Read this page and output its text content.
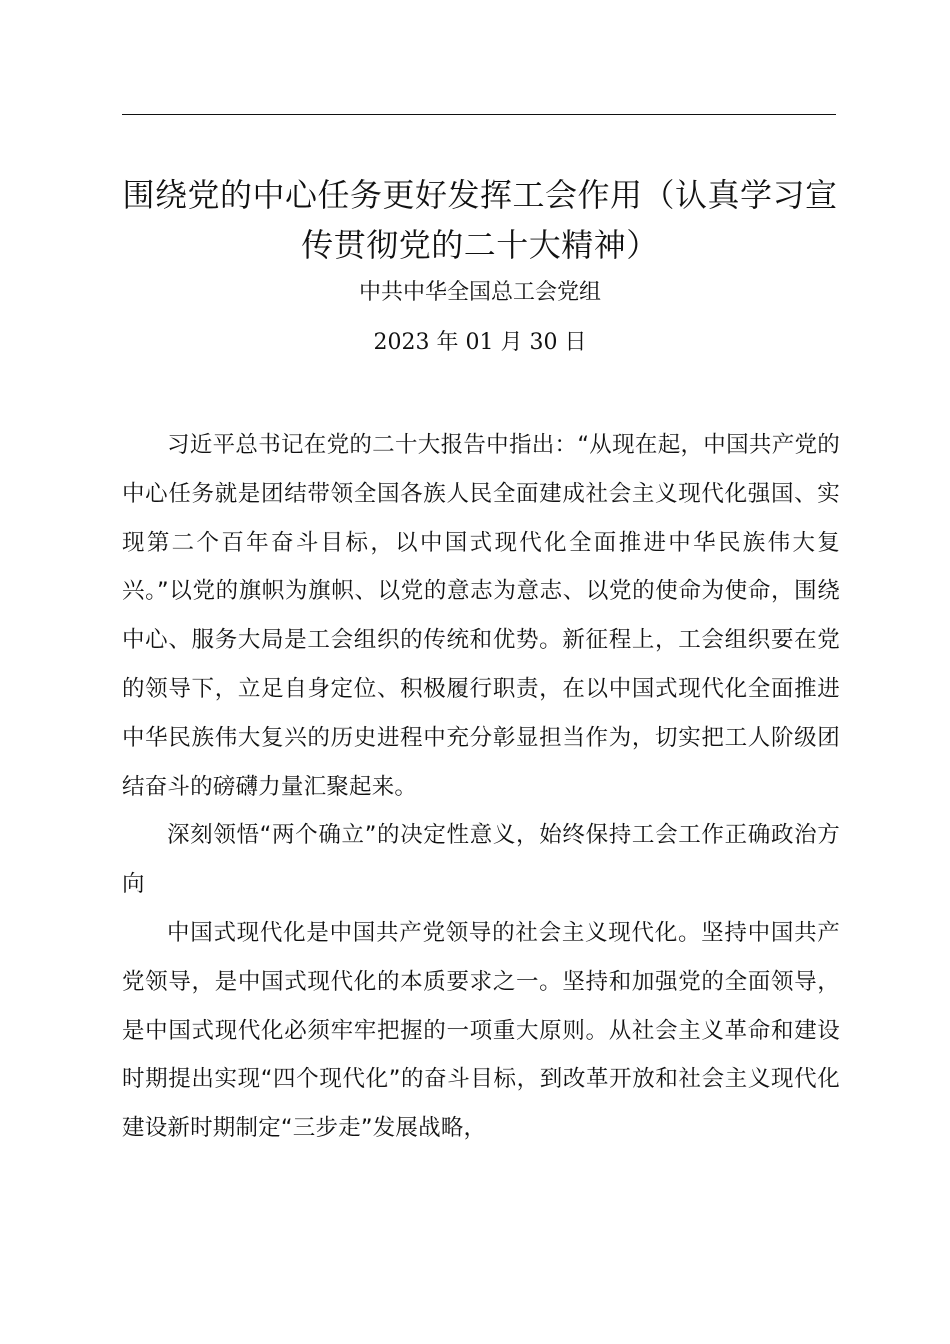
围绕党的中心任务更好发挥工会作用（认真学习宣传贯彻党的二十大精神）

中共中华全国总工会党组

2023 年 01 月 30 日

习近平总书记在党的二十大报告中指出：“从现在起，中国共产党的中心任务就是团结带领全国各族人民全面建成社会主义现代化强国、实现第二个百年奋斗目标，以中国式现代化全面推进中华民族伟大复兴。”以党的旗帜为旗帜、以党的意志为意志、以党的使命为使命，围绕中心、服务大局是工会组织的传统和优势。新征程上，工会组织要在党的领导下，立足自身定位、积极履行职责，在以中国式现代化全面推进中华民族伟大复兴的历史进程中充分彰显担当作为，切实把工人阶级团结奋斗的磅礴力量汇聚起来。

深刻领悟“两个确立”的决定性意义，始终保持工会工作正确政治方向

中国式现代化是中国共产党领导的社会主义现代化。坚持中国共产党领导，是中国式现代化的本质要求之一。坚持和加强党的全面领导，是中国式现代化必须牢牢把握的一项重大原则。从社会主义革命和建设时期提出实现“四个现代化”的奋斗目标，到改革开放和社会主义现代化建设新时期制定“三步走”发展战略，
